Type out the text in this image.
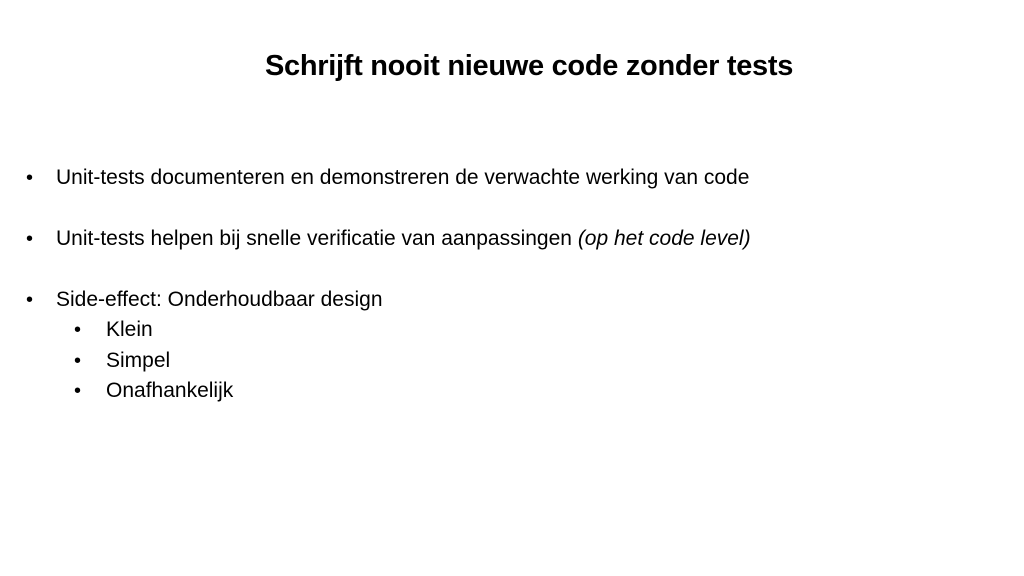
Schrijft nooit nieuwe code zonder tests
• Unit-tests documenteren en demonstreren de verwachte werking van code
• Unit-tests helpen bij snelle verificatie van aanpassingen (op het code level)
• Side-effect: Onderhoudbaar design
• Klein
• Simpel
• Onafhankelijk
